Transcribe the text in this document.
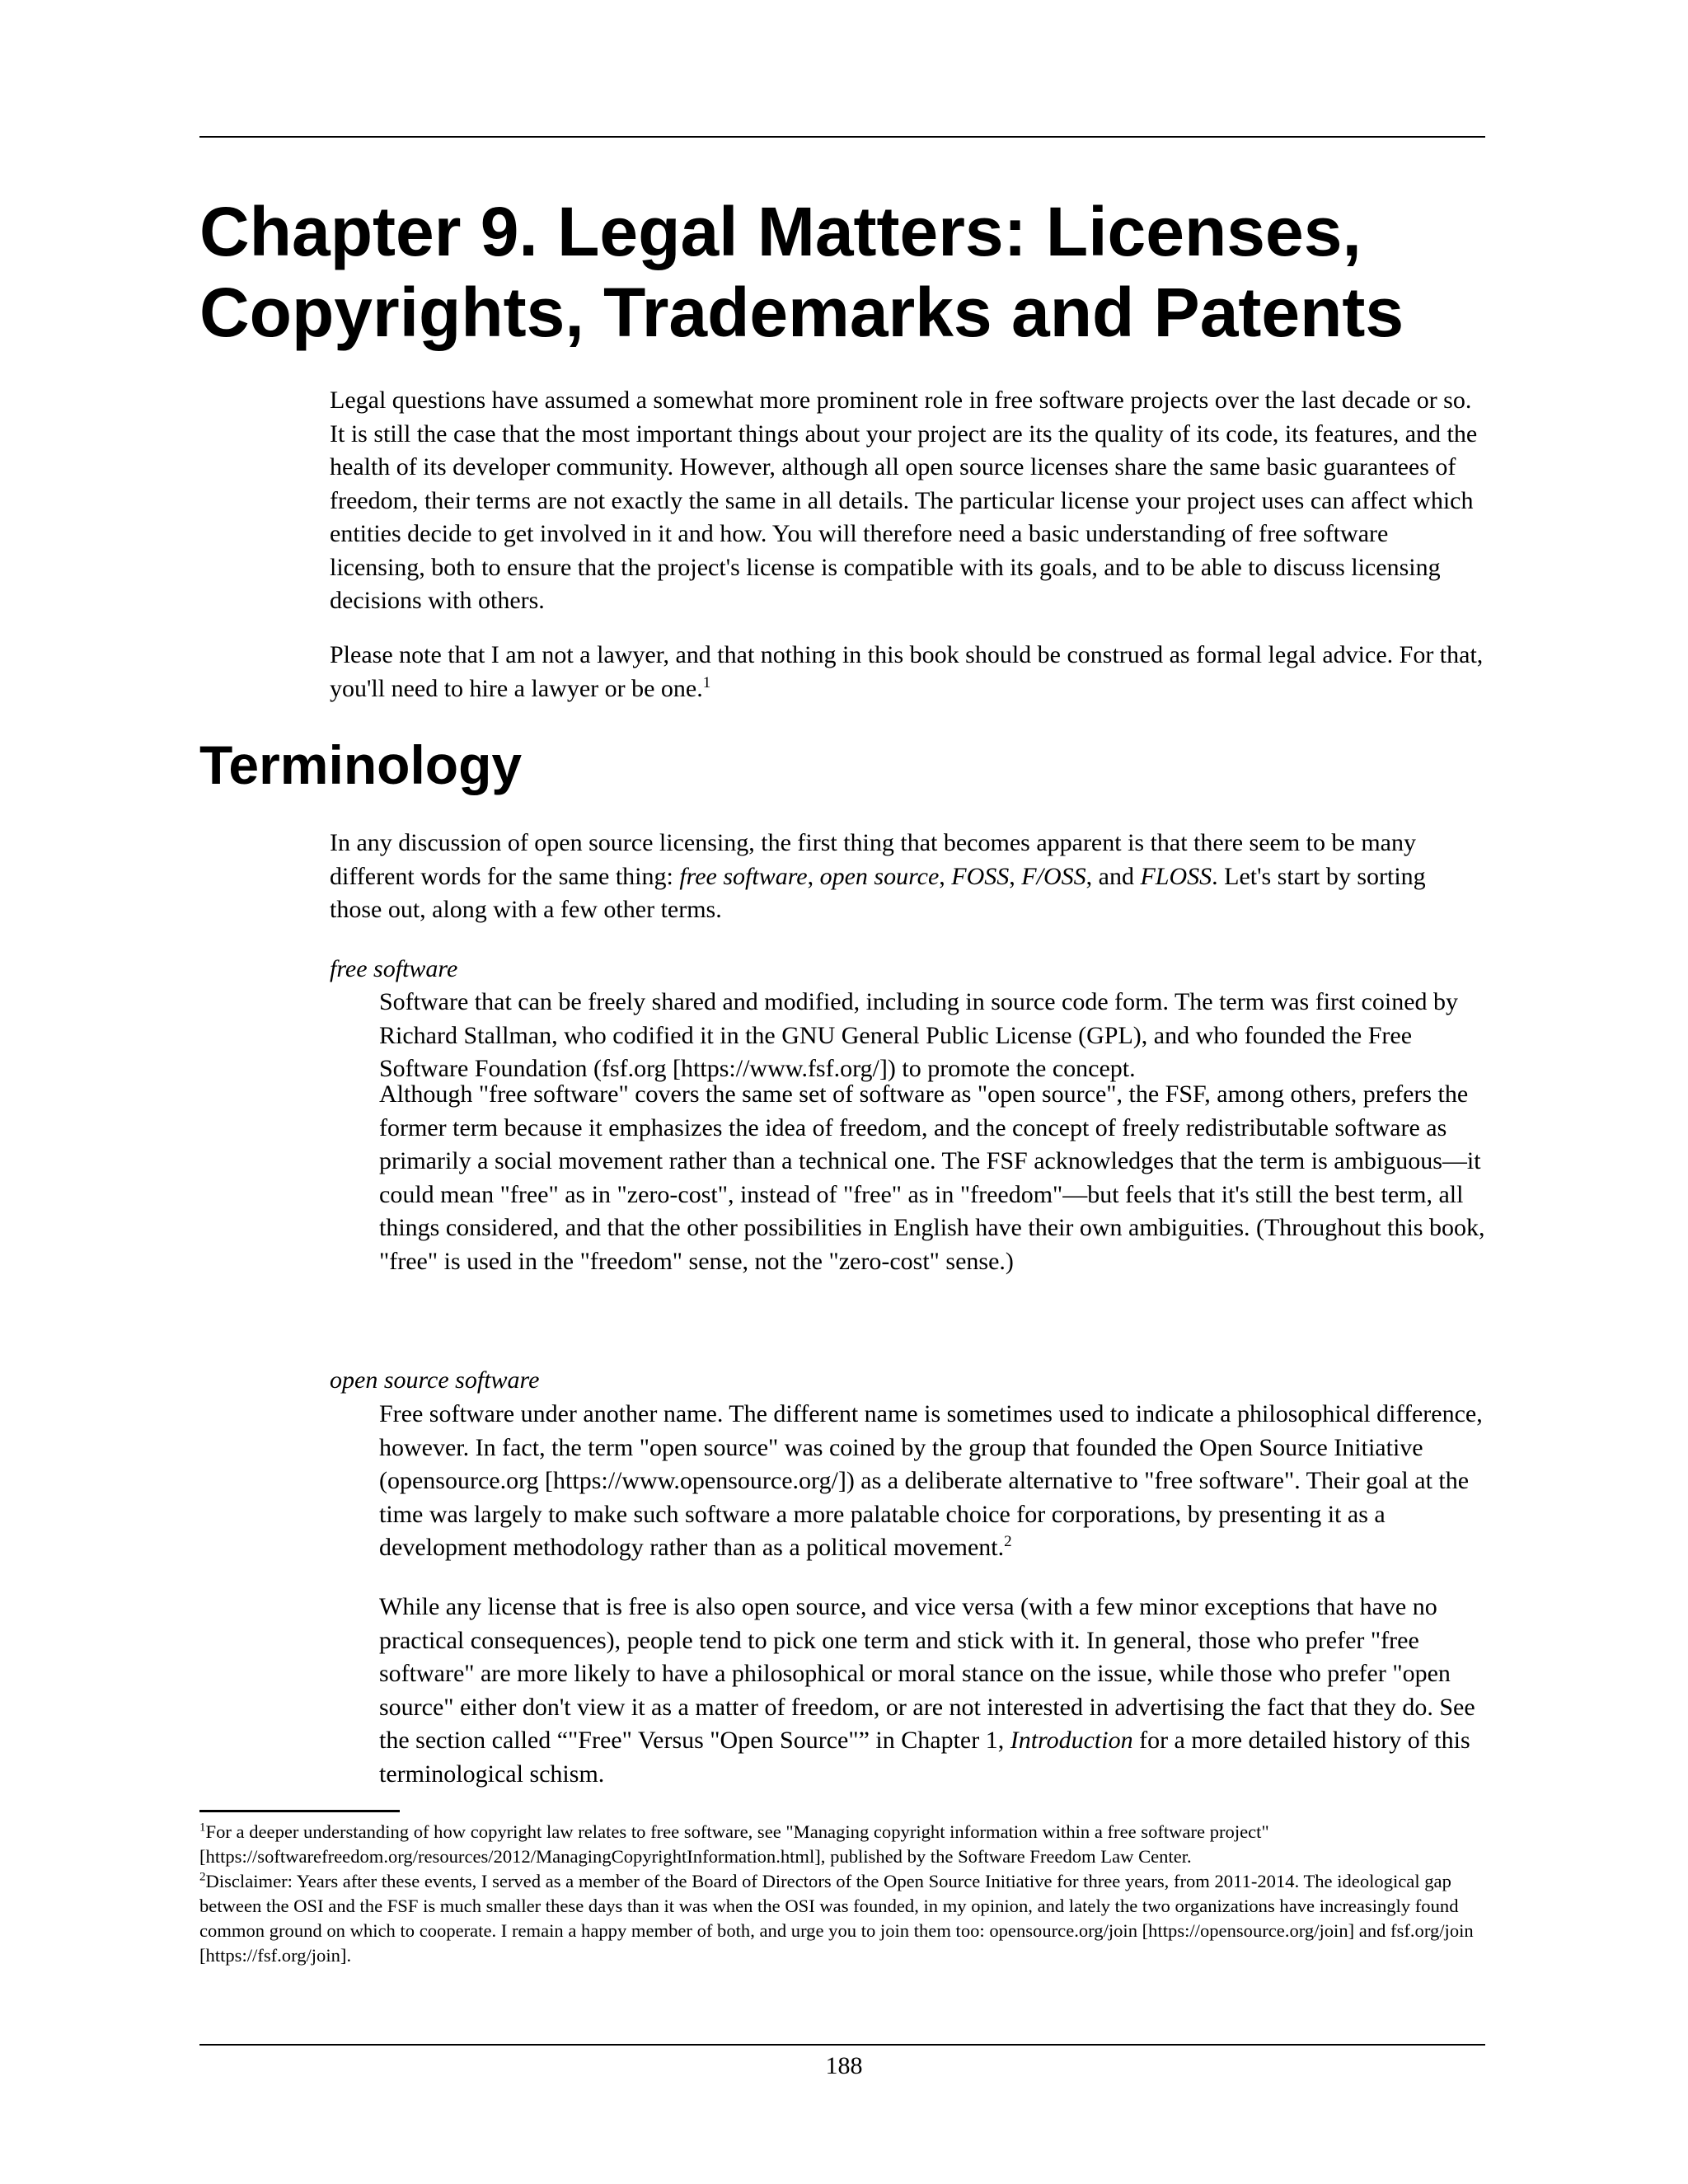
Chapter 9. Legal Matters: Licenses,
Copyrights, Trademarks and Patents

Legal questions have assumed a somewhat more prominent role in free software projects over the last decade or so. It is still the case that the most important things about your project are its the quality of its code, its features, and the health of its developer community. However, although all open source licenses share the same basic guarantees of freedom, their terms are not exactly the same in all details. The particular license your project uses can affect which entities decide to get involved in it and how. You will therefore need a basic understanding of free software licensing, both to ensure that the project's license is compatible with its goals, and to be able to discuss licensing decisions with others.

Please note that I am not a lawyer, and that nothing in this book should be construed as formal legal advice. For that, you'll need to hire a lawyer or be one.$^1$

Terminology

In any discussion of open source licensing, the first thing that becomes apparent is that there seem to be many different words for the same thing: free software, open source, FOSS, F/OSS, and FLOSS. Let's start by sorting those out, along with a few other terms.

free software

Software that can be freely shared and modified, including in source code form. The term was first coined by Richard Stallman, who codified it in the GNU General Public License (GPL), and who founded the Free Software Foundation (fsf.org [https://www.fsf.org/]) to promote the concept.

Although "free software" covers the same set of software as "open source", the FSF, among others, prefers the former term because it emphasizes the idea of freedom, and the concept of freely redistributable software as primarily a social movement rather than a technical one. The FSF acknowledges that the term is ambiguous—it could mean "free" as in "zero-cost", instead of "free" as in "freedom"—but feels that it's still the best term, all things considered, and that the other possibilities in English have their own ambiguities. (Throughout this book, "free" is used in the "freedom" sense, not the "zero-cost" sense.)

open source software

Free software under another name. The different name is sometimes used to indicate a philosophical difference, however. In fact, the term "open source" was coined by the group that founded the Open Source Initiative (opensource.org [https://www.opensource.org/]) as a deliberate alternative to "free software". Their goal at the time was largely to make such software a more palatable choice for corporations, by presenting it as a development methodology rather than as a political movement.$^2$

While any license that is free is also open source, and vice versa (with a few minor exceptions that have no practical consequences), people tend to pick one term and stick with it. In general, those who prefer "free software" are more likely to have a philosophical or moral stance on the issue, while those who prefer "open source" either don't view it as a matter of freedom, or are not interested in advertising the fact that they do. See the section called “"Free" Versus "Open Source"” in Chapter 1, Introduction for a more detailed history of this terminological schism.

$^1$For a deeper understanding of how copyright law relates to free software, see "Managing copyright information within a free software project" [https://softwarefreedom.org/resources/2012/ManagingCopyrightInformation.html], published by the Software Freedom Law Center.

$^2$Disclaimer: Years after these events, I served as a member of the Board of Directors of the Open Source Initiative for three years, from 2011-2014. The ideological gap between the OSI and the FSF is much smaller these days than it was when the OSI was founded, in my opinion, and lately the two organizations have increasingly found common ground on which to cooperate. I remain a happy member of both, and urge you to join them too: opensource.org/join [https://opensource.org/join] and fsf.org/join [https://fsf.org/join].

188
